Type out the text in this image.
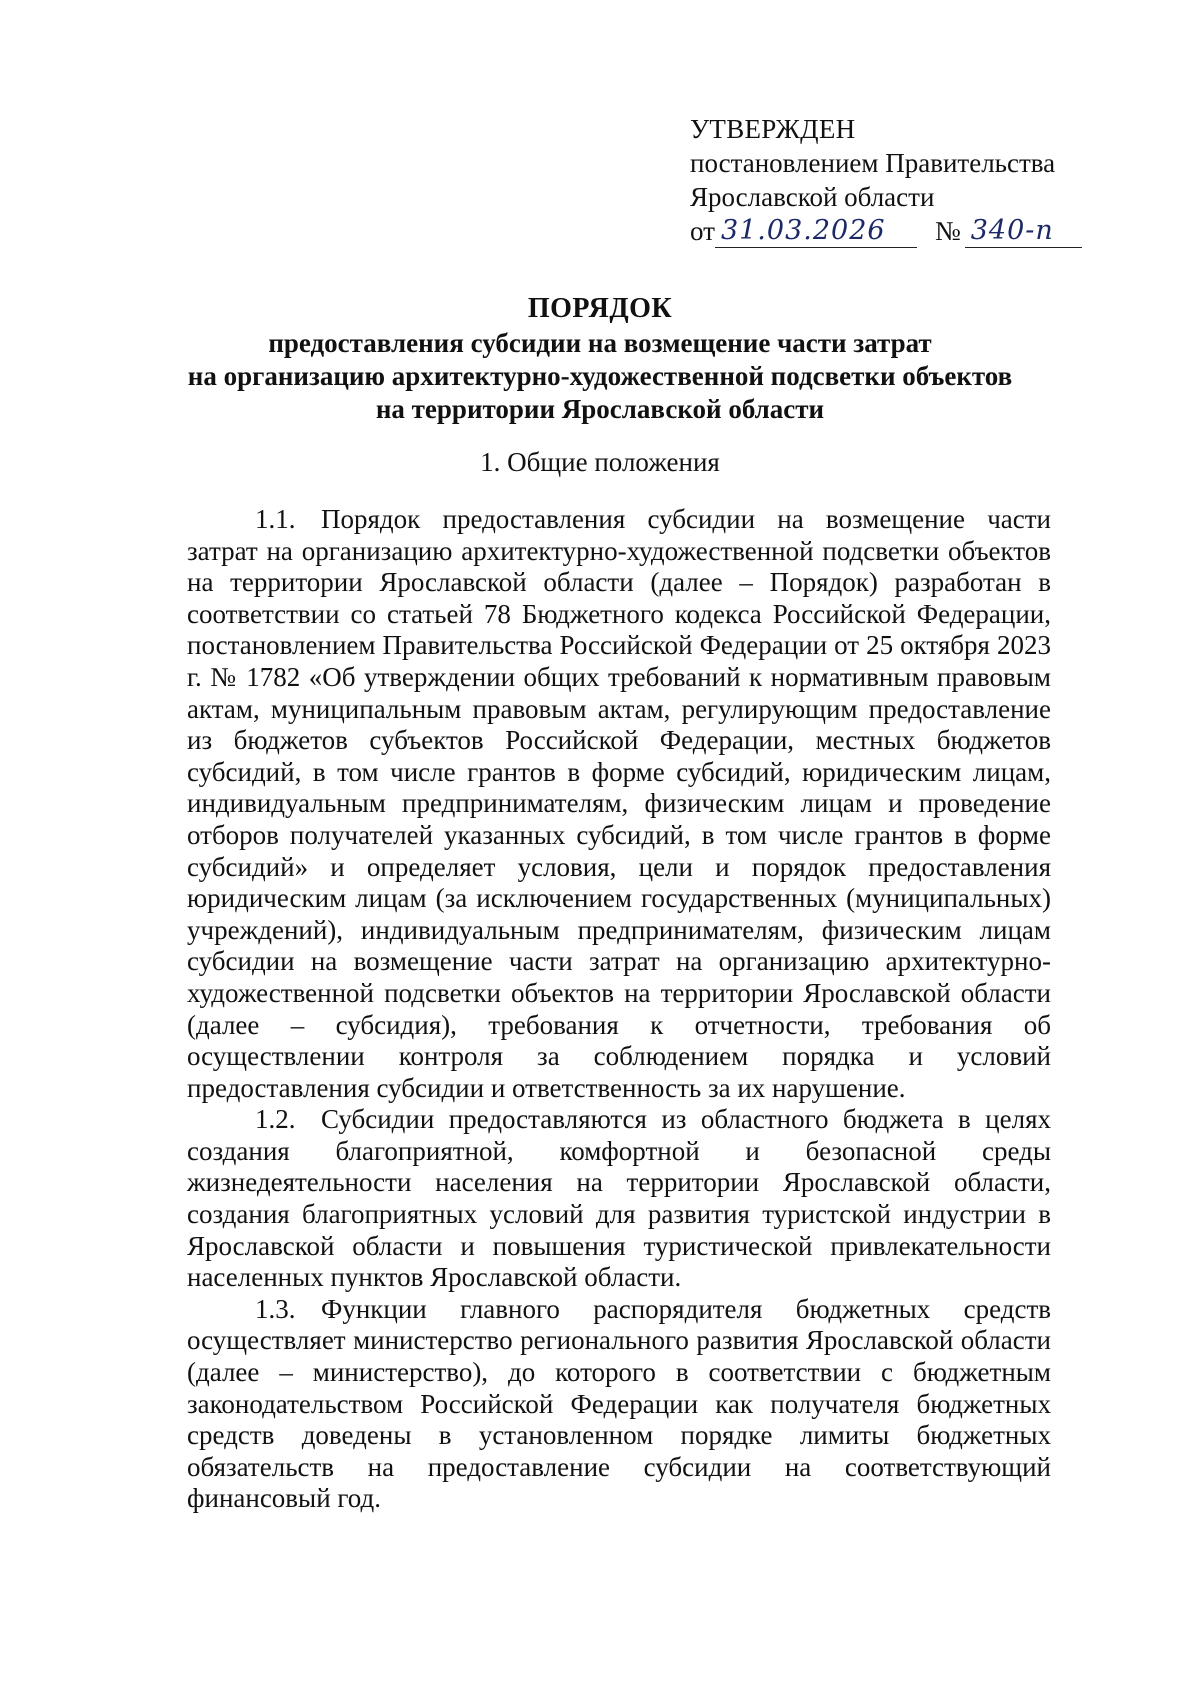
УТВЕРЖДЕН
постановлением Правительства
Ярославской области
от 31.03.2026	№ 340-п
ПОРЯДОК
предоставления субсидии на возмещение части затрат
на организацию архитектурно-художественной подсветки объектов
на территории Ярославской области
1. Общие положения

1.1. Порядок предоставления субсидии на возмещение части затрат на организацию архитектурно-художественной подсветки объектов на территории Ярославской области (далее – Порядок) разработан в соответствии со статьей 78 Бюджетного кодекса Российской Федерации, постановлением Правительства Российской Федерации от 25 октября 2023 г. № 1782 «Об утверждении общих требований к нормативным правовым актам, муниципальным правовым актам, регулирующим предоставление из бюджетов субъектов Российской Федерации, местных бюджетов субсидий, в том числе грантов в форме субсидий, юридическим лицам, индивидуальным предпринимателям, физическим лицам и проведение отборов получателей указанных субсидий, в том числе грантов в форме субсидий» и определяет условия, цели и порядок предоставления юридическим лицам (за исключением государственных (муниципальных) учреждений), индивидуальным предпринимателям, физическим лицам субсидии на возмещение части затрат на организацию архитектурно-художественной подсветки объектов на территории Ярославской области (далее – субсидия), требования к отчетности, требования об осуществлении контроля за соблюдением порядка и условий предоставления субсидии и ответственность за их нарушение.

1.2. Субсидии предоставляются из областного бюджета в целях создания благоприятной, комфортной и безопасной среды жизнедеятельности населения на территории Ярославской области, создания благоприятных условий для развития туристской индустрии в Ярославской области и повышения туристической привлекательности населенных пунктов Ярославской области.

1.3. Функции главного распорядителя бюджетных средств осуществляет министерство регионального развития Ярославской области (далее – министерство), до которого в соответствии с бюджетным законодательством Российской Федерации как получателя бюджетных средств доведены в установленном порядке лимиты бюджетных обязательств на предоставление субсидии на соответствующий финансовый год.
